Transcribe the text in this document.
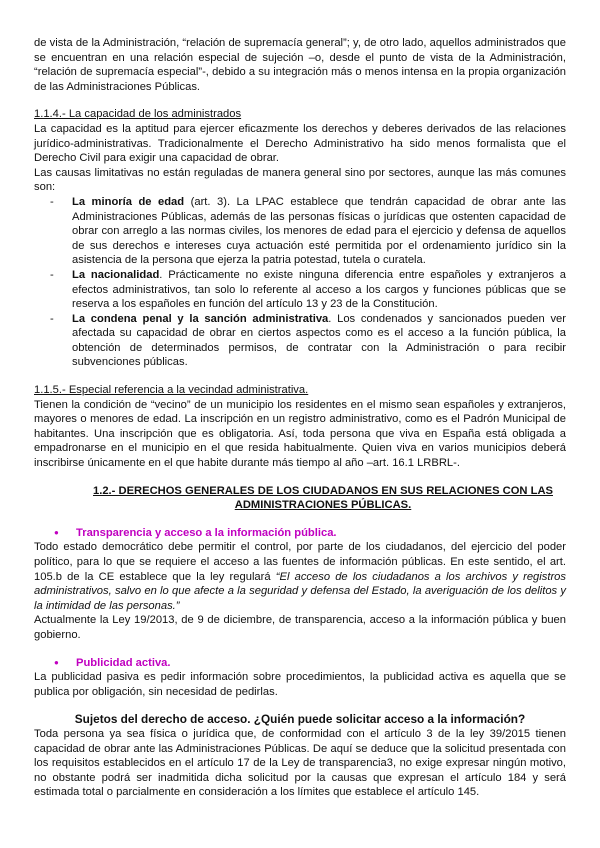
de vista de la Administración, “relación de supremacía general”; y, de otro lado, aquellos administrados que se encuentran en una relación especial de sujeción –o, desde el punto de vista de la Administración, “relación de supremacía especial”-, debido a su integración más o menos intensa en la propia organización de las Administraciones Públicas.

1.1.4.- La capacidad de los administrados

La capacidad es la aptitud para ejercer eficazmente los derechos y deberes derivados de las relaciones jurídico-administrativas. Tradicionalmente el Derecho Administrativo ha sido menos formalista que el Derecho Civil para exigir una capacidad de obrar.

Las causas limitativas no están reguladas de manera general sino por sectores, aunque las más comunes son:

- La minoría de edad (art. 3). La LPAC establece que tendrán capacidad de obrar ante las Administraciones Públicas, además de las personas físicas o jurídicas que ostenten capacidad de obrar con arreglo a las normas civiles, los menores de edad para el ejercicio y defensa de aquellos de sus derechos e intereses cuya actuación esté permitida por el ordenamiento jurídico sin la asistencia de la persona que ejerza la patria potestad, tutela o curatela.
- La nacionalidad. Prácticamente no existe ninguna diferencia entre españoles y extranjeros a efectos administrativos, tan solo lo referente al acceso a los cargos y funciones públicas que se reserva a los españoles en función del artículo 13 y 23 de la Constitución.
- La condena penal y la sanción administrativa. Los condenados y sancionados pueden ver afectada su capacidad de obrar en ciertos aspectos como es el acceso a la función pública, la obtención de determinados permisos, de contratar con la Administración o para recibir subvenciones públicas.

1.1.5.- Especial referencia a la vecindad administrativa.

Tienen la condición de “vecino” de un municipio los residentes en el mismo sean españoles y extranjeros, mayores o menores de edad. La inscripción en un registro administrativo, como es el Padrón Municipal de habitantes. Una inscripción que es obligatoria. Así, toda persona que viva en España está obligada a empadronarse en el municipio en el que resida habitualmente. Quien viva en varios municipios deberá inscribirse únicamente en el que habite durante más tiempo al año –art. 16.1 LRBRL-.

1.2.- DERECHOS GENERALES DE LOS CIUDADANOS EN SUS RELACIONES CON LAS ADMINISTRACIONES PÚBLICAS.

● Transparencia y acceso a la información pública.

Todo estado democrático debe permitir el control, por parte de los ciudadanos, del ejercicio del poder político, para lo que se requiere el acceso a las fuentes de información públicas. En este sentido, el art. 105.b de la CE establece que la ley regulará “El acceso de los ciudadanos a los archivos y registros administrativos, salvo en lo que afecte a la seguridad y defensa del Estado, la averiguación de los delitos y la intimidad de las personas.”

Actualmente la Ley 19/2013, de 9 de diciembre, de transparencia, acceso a la información pública y buen gobierno.

● Publicidad activa.

La publicidad pasiva es pedir información sobre procedimientos, la publicidad activa es aquella que se publica por obligación, sin necesidad de pedirlas.

Sujetos del derecho de acceso. ¿Quién puede solicitar acceso a la información?

Toda persona ya sea física o jurídica que, de conformidad con el artículo 3 de la ley 39/2015 tienen capacidad de obrar ante las Administraciones Públicas. De aquí se deduce que la solicitud presentada con los requisitos establecidos en el artículo 17 de la Ley de transparencia3, no exige expresar ningún motivo, no obstante podrá ser inadmitida dicha solicitud por la causas que expresan el artículo 184 y será estimada total o parcialmente en consideración a los límites que establece el artículo 145.
